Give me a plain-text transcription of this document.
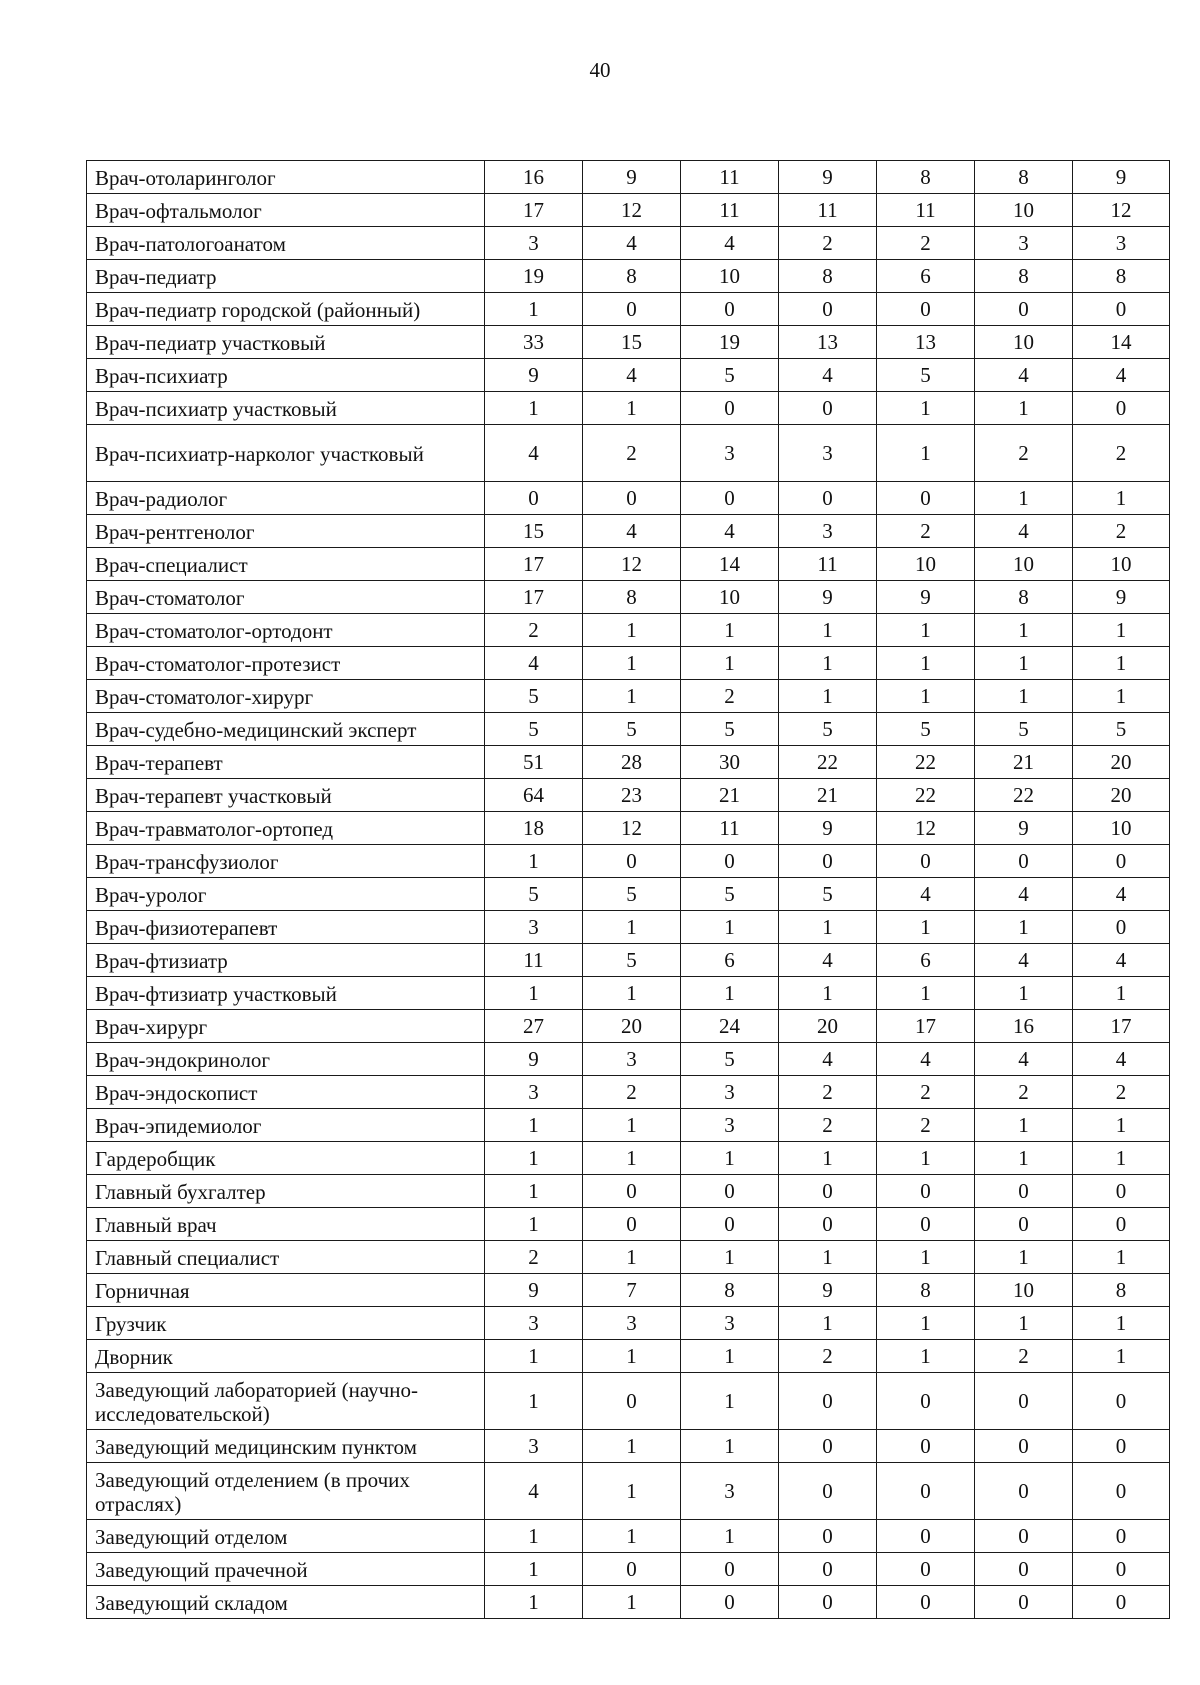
40
Врач-отоларинголог	16	9	11	9	8	8	9
Врач-офтальмолог	17	12	11	11	11	10	12
Врач-патологоанатом	3	4	4	2	2	3	3
Врач-педиатр	19	8	10	8	6	8	8
Врач-педиатр городской (районный)	1	0	0	0	0	0	0
Врач-педиатр участковый	33	15	19	13	13	10	14
Врач-психиатр	9	4	5	4	5	4	4
Врач-психиатр участковый	1	1	0	0	1	1	0
Врач-психиатр-нарколог участковый	4	2	3	3	1	2	2
Врач-радиолог	0	0	0	0	0	1	1
Врач-рентгенолог	15	4	4	3	2	4	2
Врач-специалист	17	12	14	11	10	10	10
Врач-стоматолог	17	8	10	9	9	8	9
Врач-стоматолог-ортодонт	2	1	1	1	1	1	1
Врач-стоматолог-протезист	4	1	1	1	1	1	1
Врач-стоматолог-хирург	5	1	2	1	1	1	1
Врач-судебно-медицинский эксперт	5	5	5	5	5	5	5
Врач-терапевт	51	28	30	22	22	21	20
Врач-терапевт участковый	64	23	21	21	22	22	20
Врач-травматолог-ортопед	18	12	11	9	12	9	10
Врач-трансфузиолог	1	0	0	0	0	0	0
Врач-уролог	5	5	5	5	4	4	4
Врач-физиотерапевт	3	1	1	1	1	1	0
Врач-фтизиатр	11	5	6	4	6	4	4
Врач-фтизиатр участковый	1	1	1	1	1	1	1
Врач-хирург	27	20	24	20	17	16	17
Врач-эндокринолог	9	3	5	4	4	4	4
Врач-эндоскопист	3	2	3	2	2	2	2
Врач-эпидемиолог	1	1	3	2	2	1	1
Гардеробщик	1	1	1	1	1	1	1
Главный бухгалтер	1	0	0	0	0	0	0
Главный врач	1	0	0	0	0	0	0
Главный специалист	2	1	1	1	1	1	1
Горничная	9	7	8	9	8	10	8
Грузчик	3	3	3	1	1	1	1
Дворник	1	1	1	2	1	2	1
Заведующий лабораторией (научно-исследовательской)	1	0	1	0	0	0	0
Заведующий медицинским пунктом	3	1	1	0	0	0	0
Заведующий отделением (в прочих отраслях)	4	1	3	0	0	0	0
Заведующий отделом	1	1	1	0	0	0	0
Заведующий прачечной	1	0	0	0	0	0	0
Заведующий складом	1	1	0	0	0	0	0
